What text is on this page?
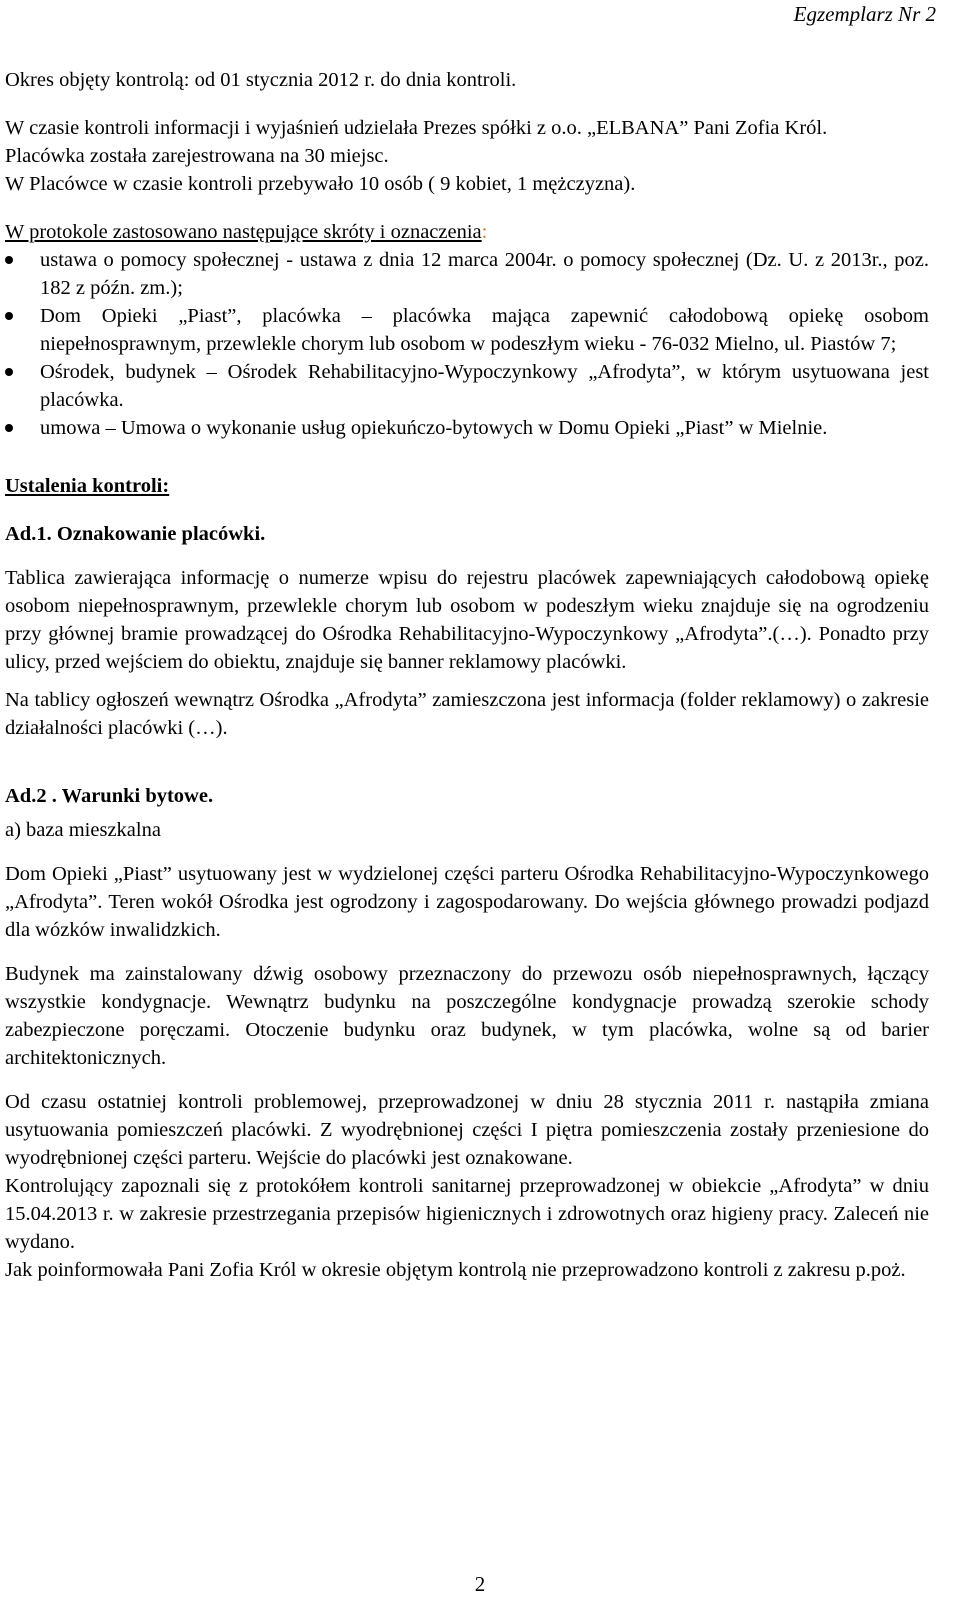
Egzemplarz Nr 2

Okres objęty kontrolą: od 01 stycznia 2012 r. do dnia kontroli.

W czasie kontroli informacji i wyjaśnień udzielała Prezes spółki z o.o. „ELBANA” Pani Zofia Król.

Placówka została zarejestrowana na 30 miejsc.

W Placówce w czasie kontroli przebywało 10 osób ( 9 kobiet, 1 mężczyzna).

W protokole zastosowano następujące skróty i oznaczenia:

ustawa o pomocy społecznej - ustawa z dnia 12 marca 2004r. o pomocy społecznej (Dz. U. z 2013r., poz. 182 z późn. zm.);
Dom Opieki „Piast”, placówka – placówka mająca zapewnić całodobową opiekę osobom niepełnosprawnym, przewlekle chorym lub osobom w podeszłym wieku - 76-032 Mielno, ul. Piastów 7;
Ośrodek, budynek – Ośrodek Rehabilitacyjno-Wypoczynkowy „Afrodyta”, w którym usytuowana jest placówka.
umowa – Umowa o wykonanie usług opiekuńczo-bytowych w Domu Opieki „Piast” w Mielnie.

Ustalenia kontroli:

Ad.1. Oznakowanie placówki.

Tablica zawierająca informację o numerze wpisu do rejestru placówek zapewniających całodobową opiekę osobom niepełnosprawnym, przewlekle chorym lub osobom w podeszłym wieku znajduje się na ogrodzeniu przy głównej bramie prowadzącej do Ośrodka Rehabilitacyjno-Wypoczynkowy „Afrodyta”.(…). Ponadto przy ulicy, przed wejściem do obiektu, znajduje się banner reklamowy placówki.

Na tablicy ogłoszeń wewnątrz Ośrodka „Afrodyta” zamieszczona jest informacja (folder reklamowy) o zakresie działalności placówki (…).

Ad.2 . Warunki bytowe.

a) baza mieszkalna

Dom Opieki „Piast” usytuowany jest w wydzielonej części parteru Ośrodka Rehabilitacyjno-Wypoczynkowego „Afrodyta”. Teren wokół Ośrodka jest ogrodzony i zagospodarowany. Do wejścia głównego prowadzi podjazd dla wózków inwalidzkich.

Budynek ma zainstalowany dźwig osobowy przeznaczony do przewozu osób niepełnosprawnych, łączący wszystkie kondygnacje. Wewnątrz budynku na poszczególne kondygnacje prowadzą szerokie schody zabezpieczone poręczami. Otoczenie budynku oraz budynek, w tym placówka, wolne są od barier architektonicznych.

Od czasu ostatniej kontroli problemowej, przeprowadzonej w dniu 28 stycznia 2011 r. nastąpiła zmiana usytuowania pomieszczeń placówki. Z wyodrębnionej części I piętra pomieszczenia zostały przeniesione do wyodrębnionej części parteru. Wejście do placówki jest oznakowane.

Kontrolujący zapoznali się z protokółem kontroli sanitarnej przeprowadzonej w obiekcie „Afrodyta” w dniu 15.04.2013 r. w zakresie przestrzegania przepisów higienicznych i zdrowotnych oraz higieny pracy. Zaleceń nie wydano.

Jak poinformowała Pani Zofia Król w okresie objętym kontrolą nie przeprowadzono kontroli z zakresu p.poż.

2
